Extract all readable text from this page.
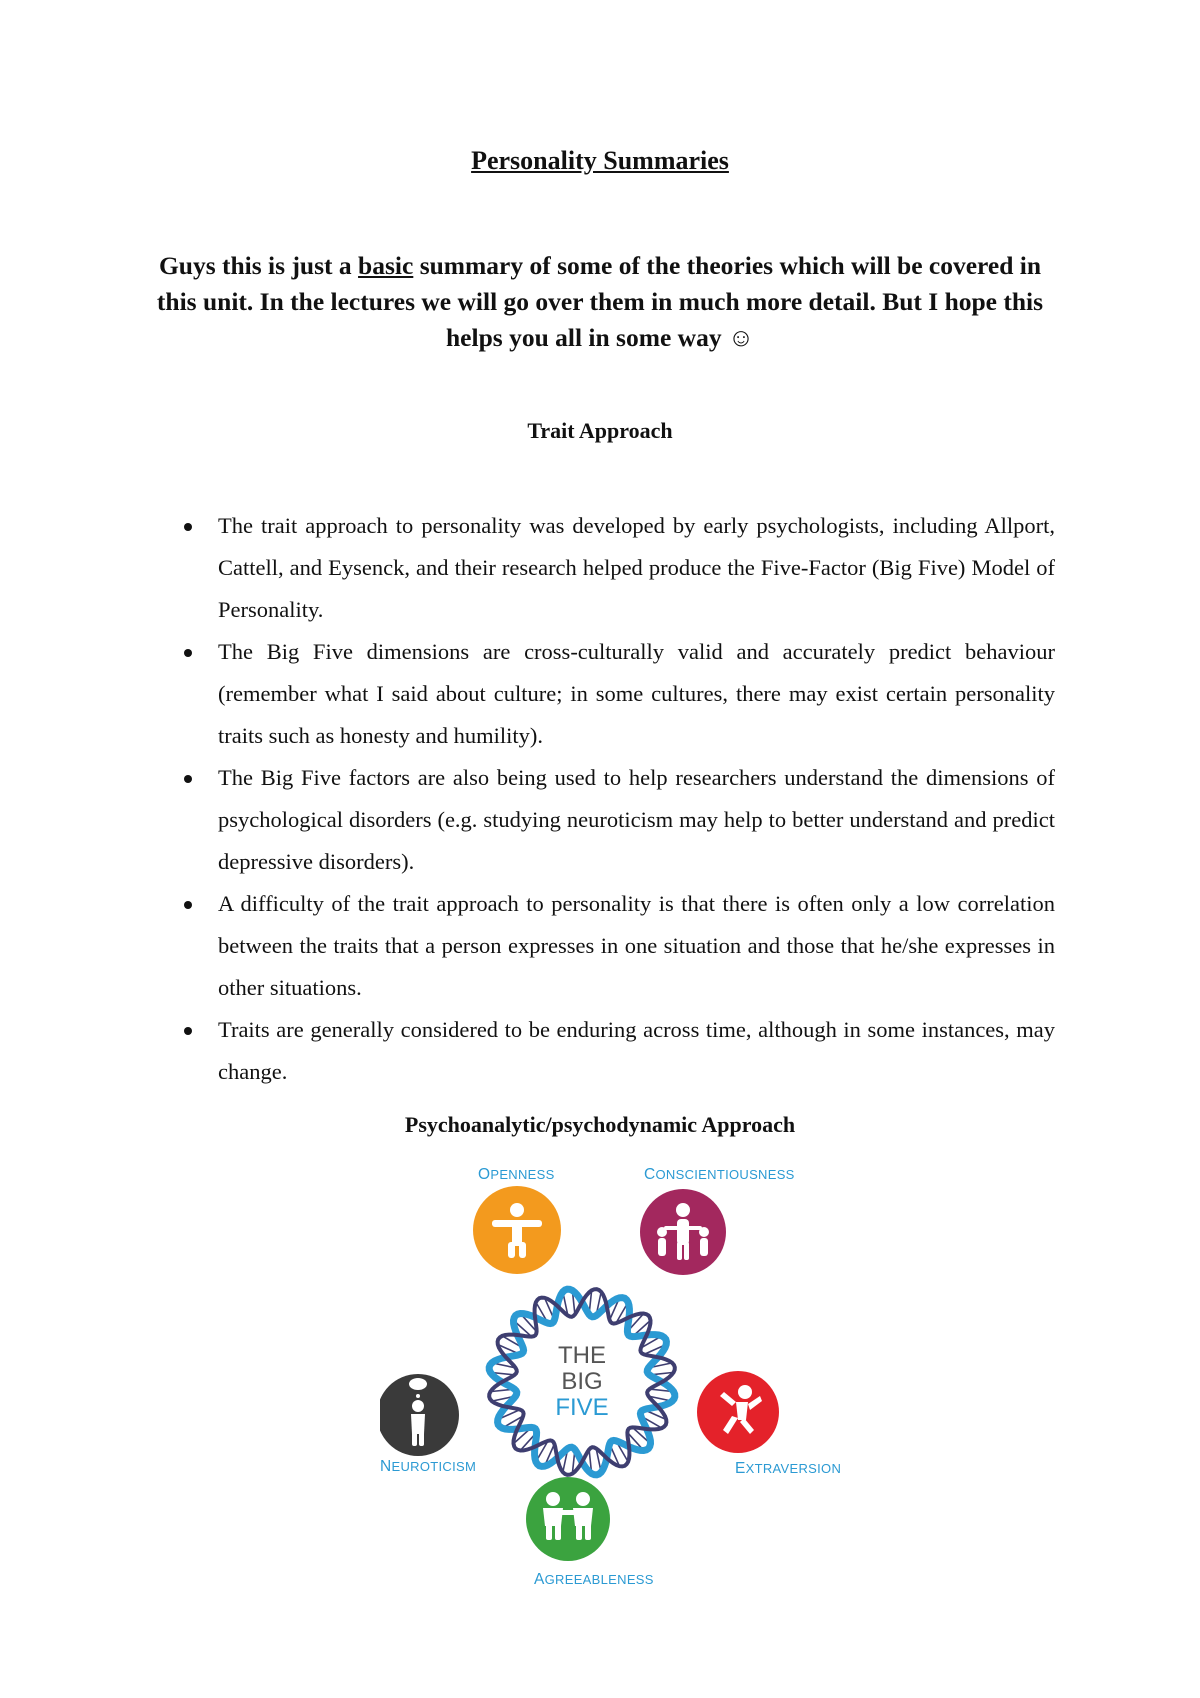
Personality Summaries
Guys this is just a basic summary of some of the theories which will be covered in this unit. In the lectures we will go over them in much more detail. But I hope this helps you all in some way ☺
Trait Approach
The trait approach to personality was developed by early psychologists, including Allport, Cattell, and Eysenck, and their research helped produce the Five-Factor (Big Five) Model of Personality.
The Big Five dimensions are cross-culturally valid and accurately predict behaviour (remember what I said about culture; in some cultures, there may exist certain personality traits such as honesty and humility).
The Big Five factors are also being used to help researchers understand the dimensions of psychological disorders (e.g. studying neuroticism may help to better understand and predict depressive disorders).
A difficulty of the trait approach to personality is that there is often only a low correlation between the traits that a person expresses in one situation and those that he/she expresses in other situations.
Traits are generally considered to be enduring across time, although in some instances, may change.
Psychoanalytic/psychodynamic Approach
OPENNESS	CONSCIENTIOUSNESS
EXTRAVERSION
AGREEABLENESS
NEUROTICISM
THE
BIG
FIVE
